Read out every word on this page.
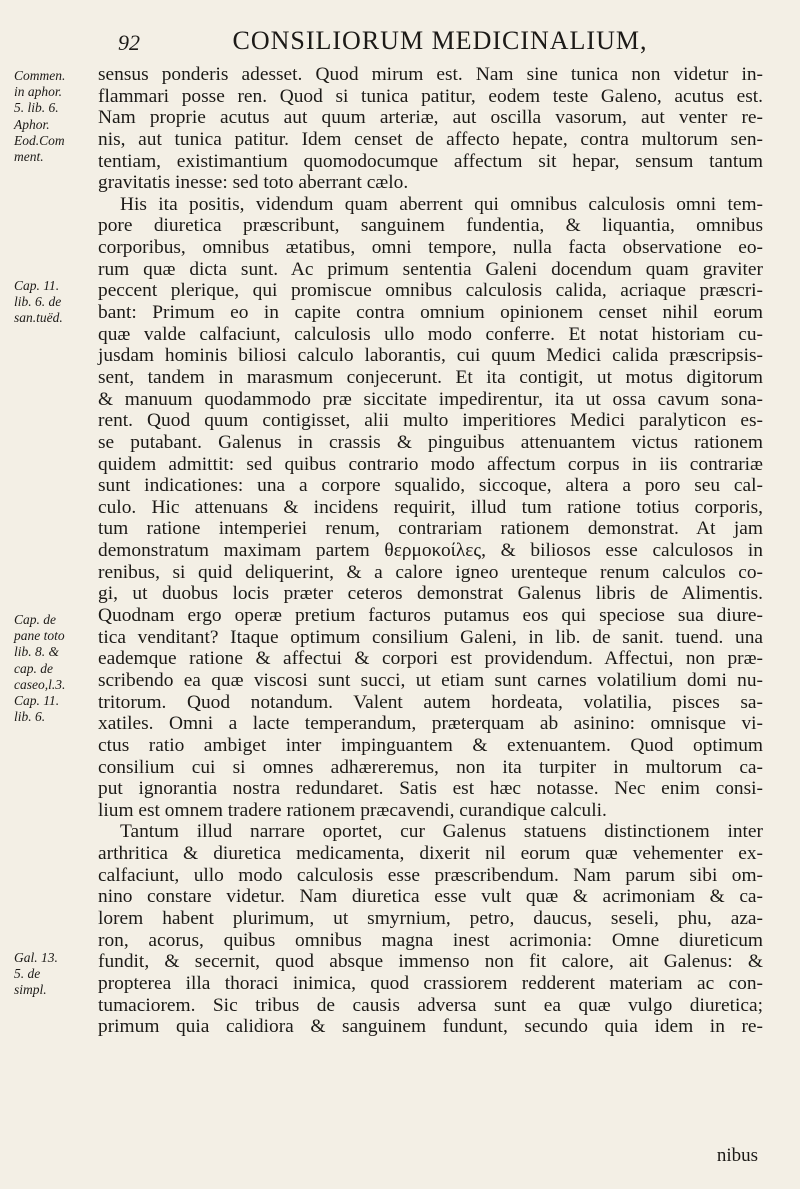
92	CONSILIORUM MEDICINALIUM,
Commen.
in aphor.
5. lib. 6.
Aphor.
Eod.Com
ment.
Cap. 11.
lib. 6. de
san.tuëd.
Cap. de
pane toto
lib. 8. &
cap. de
caseo,l.3.
Cap. 11.
lib. 6.
Gal. 13.
5. de
simpl.
sensus ponderis adesset. Quod mirum est. Nam sine tunica non videtur in-
flammari posse ren. Quod si tunica patitur, eodem teste Galeno, acutus est.
Nam proprie acutus aut quum arteriæ, aut oscilla vasorum, aut venter re-
nis, aut tunica patitur. Idem censet de affecto hepate, contra multorum sen-
tentiam, existimantium quomodocumque affectum sit hepar, sensum tantum
gravitatis inesse: sed toto aberrant cælo.
His ita positis, videndum quam aberrent qui omnibus calculosis omni tem-
pore diuretica præscribunt, sanguinem fundentia, & liquantia, omnibus
corporibus, omnibus ætatibus, omni tempore, nulla facta observatione eo-
rum quæ dicta sunt. Ac primum sententia Galeni docendum quam graviter
peccent plerique, qui promiscue omnibus calculosis calida, acriaque præscri-
bant: Primum eo in capite contra omnium opinionem censet nihil eorum
quæ valde calfaciunt, calculosis ullo modo conferre. Et notat historiam cu-
jusdam hominis biliosi calculo laborantis, cui quum Medici calida præscripsis-
sent, tandem in marasmum conjecerunt. Et ita contigit, ut motus digitorum
& manuum quodammodo præ siccitate impedirentur, ita ut ossa cavum sona-
rent. Quod quum contigisset, alii multo imperitiores Medici paralyticon es-
se putabant. Galenus in crassis & pinguibus attenuantem victus rationem
quidem admittit: sed quibus contrario modo affectum corpus in iis contrariæ
sunt indicationes: una a corpore squalido, siccoque, altera a poro seu cal-
culo. Hic attenuans & incidens requirit, illud tum ratione totius corporis,
tum ratione intemperiei renum, contrariam rationem demonstrat. At jam
demonstratum maximam partem θερμοκοίλες, & biliosos esse calculosos in
renibus, si quid deliquerint, & a calore igneo urenteque renum calculos co-
gi, ut duobus locis præter ceteros demonstrat Galenus libris de Alimentis.
Quodnam ergo operæ pretium facturos putamus eos qui speciose sua diure-
tica venditant? Itaque optimum consilium Galeni, in lib. de sanit. tuend. una
eademque ratione & affectui & corpori est providendum. Affectui, non præ-
scribendo ea quæ viscosi sunt succi, ut etiam sunt carnes volatilium domi nu-
tritorum. Quod notandum. Valent autem hordeata, volatilia, pisces sa-
xatiles. Omni a lacte temperandum, præterquam ab asinino: omnisque vi-
ctus ratio ambiget inter impinguantem & extenuantem. Quod optimum
consilium cui si omnes adhæreremus, non ita turpiter in multorum ca-
put ignorantia nostra redundaret. Satis est hæc notasse. Nec enim consi-
lium est omnem tradere rationem præcavendi, curandique calculi.
Tantum illud narrare oportet, cur Galenus statuens distinctionem inter
arthritica & diuretica medicamenta, dixerit nil eorum quæ vehementer ex-
calfaciunt, ullo modo calculosis esse præscribendum. Nam parum sibi om-
nino constare videtur. Nam diuretica esse vult quæ & acrimoniam & ca-
lorem habent plurimum, ut smyrnium, petro, daucus, seseli, phu, aza-
ron, acorus, quibus omnibus magna inest acrimonia: Omne diureticum
fundit, & secernit, quod absque immenso non fit calore, ait Galenus: &
propterea illa thoraci inimica, quod crassiorem redderent materiam ac con-
tumaciorem. Sic tribus de causis adversa sunt ea quæ vulgo diuretica;
primum quia calidiora & sanguinem fundunt, secundo quia idem in re-
nibus
